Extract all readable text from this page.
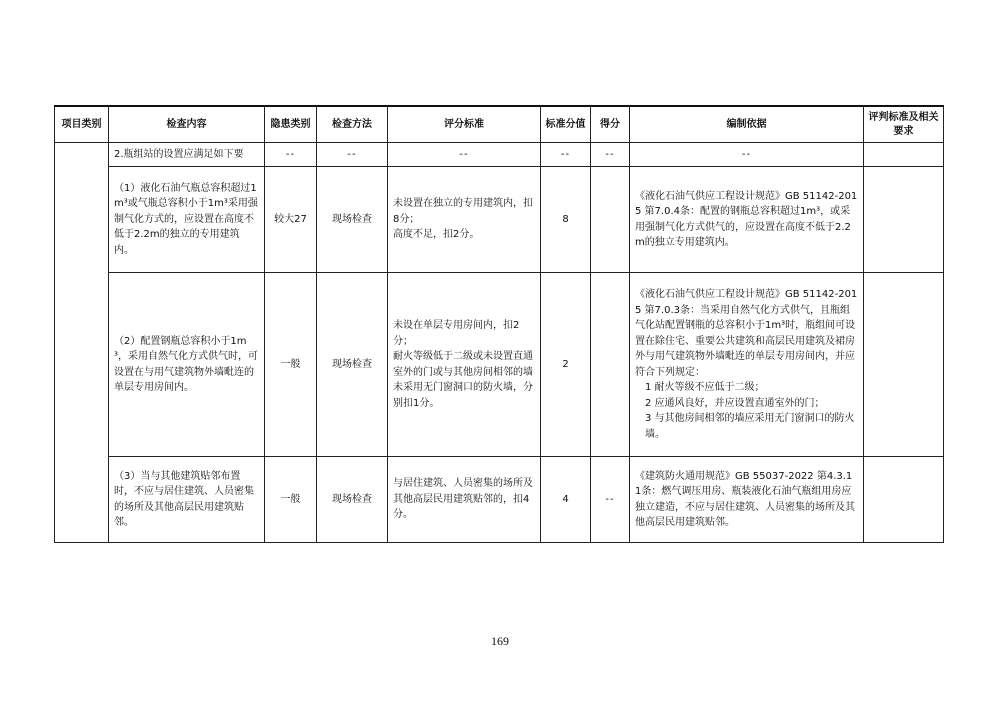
项目类别	检查内容	隐患类别	检查方法	评分标准	标准分值	得分	编制依据	评判标准及相关要求
	2.瓶组站的设置应满足如下要	--	--	--	--	--	--	
	（1）液化石油气瓶总容积超过1m³或气瓶总容积小于1m³采用强制气化方式的，应设置在高度不低于2.2m的独立的专用建筑内。	较大27	现场检查	未设置在独立的专用建筑内，扣8分；
高度不足，扣2分。	8		《液化石油气供应工程设计规范》GB 51142-2015 第7.0.4条：配置的钢瓶总容积超过1m³，或采用强制气化方式供气的，应设置在高度不低于2.2m的独立专用建筑内。	

	（2）配置钢瓶总容积小于1m³，采用自然气化方式供气时，可设置在与用气建筑物外墙毗连的单层专用房间内。	一般	现场检查	未设在单层专用房间内，扣2分；
耐火等级低于二级或未设置直通室外的门或与其他房间相邻的墙未采用无门窗洞口的防火墙，分别扣1分。	2		《液化石油气供应工程设计规范》GB 51142-2015 第7.0.3条：当采用自然气化方式供气，且瓶组气化站配置钢瓶的总容积小于1m³时，瓶组间可设置在除住宅、重要公共建筑和高层民用建筑及裙房外与用气建筑物外墙毗连的单层专用房间内，并应符合下列规定：
1 耐火等级不应低于二级；
2 应通风良好，并应设置直通室外的门；
3 与其他房间相邻的墙应采用无门窗洞口的防火墙。	

	（3）当与其他建筑贴邻布置时，不应与居住建筑、人员密集的场所及其他高层民用建筑贴邻。	一般	现场检查	与居住建筑、人员密集的场所及其他高层民用建筑贴邻的，扣4分。	4	--	《建筑防火通用规范》GB 55037-2022 第4.3.11条：燃气调压用房、瓶装液化石油气瓶组用房应独立建造，不应与居住建筑、人员密集的场所及其他高层民用建筑贴邻。	

169
